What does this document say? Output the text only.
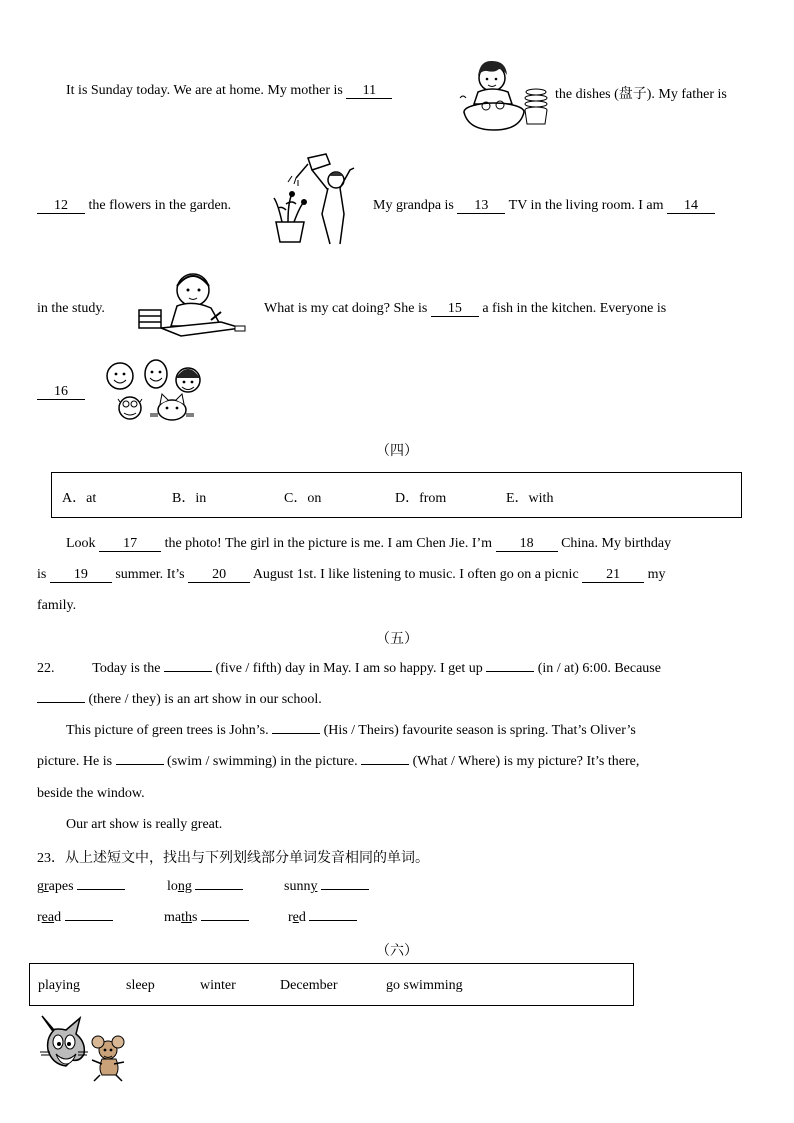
It is Sunday today. We are at home. My mother is 11	the dishes (盘子). My father is
12 the flowers in the garden.	My grandpa is 13 TV in the living room. I am 14
in the study.	What is my cat doing? She is 15 a fish in the kitchen. Everyone is
16
（四）
A．at	B．in	C．on	D．from	E．with
Look 17 the photo! The girl in the picture is me. I am Chen Jie. I’m 18 China. My birthday
is 19 summer. It’s 20 August 1st. I like listening to music. I often go on a picnic 21 my
family.
（五）
22.	Today is the	(five / fifth) day in May. I am so happy. I get up	(in / at) 6:00. Because
(there / they) is an art show in our school.
This picture of green trees is John’s.	(His / Theirs) favourite season is spring. That’s Oliver’s
picture. He is	(swim / swimming) in the picture.	(What / Where) is my picture? It’s there,
beside the window.
Our art show is really great.
23．从上述短文中，找出与下列划线部分单词发音相同的单词。
grapes	long	sunny
read	maths	red
（六）
playing	sleep	winter	December	go swimming
